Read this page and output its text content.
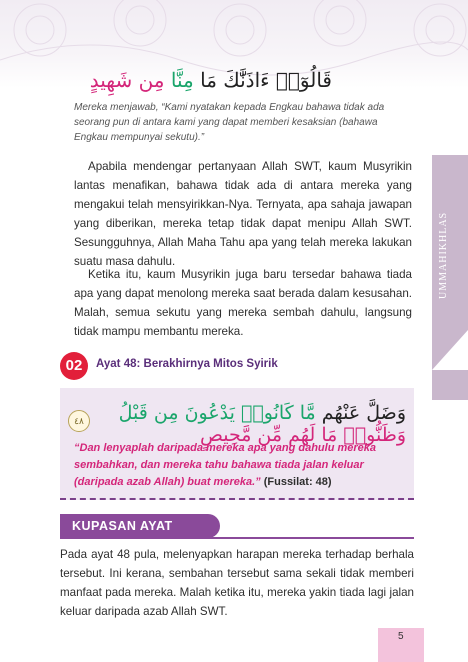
قَالُوٓا۟ ءَاذَنَّٰكَ مَا مِنَّا مِن شَهِيدٍ
Mereka menjawab, “Kami nyatakan kepada Engkau bahawa tidak ada seorang pun di antara kami yang dapat memberi kesaksian (bahawa Engkau mempunyai sekutu).”
Apabila mendengar pertanyaan Allah SWT, kaum Musyrikin lantas menafikan, bahawa tidak ada di antara mereka yang mengakui telah mensyirikkan-Nya. Ternyata, apa sahaja jawapan yang diberikan, mereka tetap tidak dapat menipu Allah SWT. Sesungguhnya, Allah Maha Tahu apa yang telah mereka lakukan suatu masa dahulu.
Ketika itu, kaum Musyrikin juga baru tersedar bahawa tiada apa yang dapat menolong mereka saat berada dalam kesusahan. Malah, semua sekutu yang mereka sembah dahulu, langsung tidak mampu membantu mereka.
UMMAHIKHLAS
02	Ayat 48: Berakhirnya Mitos Syirik
٤٨	وَضَلَّ عَنْهُم مَّا كَانُوا۟ يَدْعُونَ مِن قَبْلُ وَظَنُّوا۟ مَا لَهُم مِّن مَّحِيصٍ
“Dan lenyaplah daripada mereka apa yang dahulu mereka sembahkan, dan mereka tahu bahawa tiada jalan keluar (daripada azab Allah) buat mereka.” (Fussilat: 48)
KUPASAN AYAT
Pada ayat 48 pula, melenyapkan harapan mereka terhadap berhala tersebut. Ini kerana, sembahan tersebut sama sekali tidak memberi manfaat pada mereka. Malah ketika itu, mereka yakin tiada lagi jalan keluar daripada azab Allah SWT.
5
